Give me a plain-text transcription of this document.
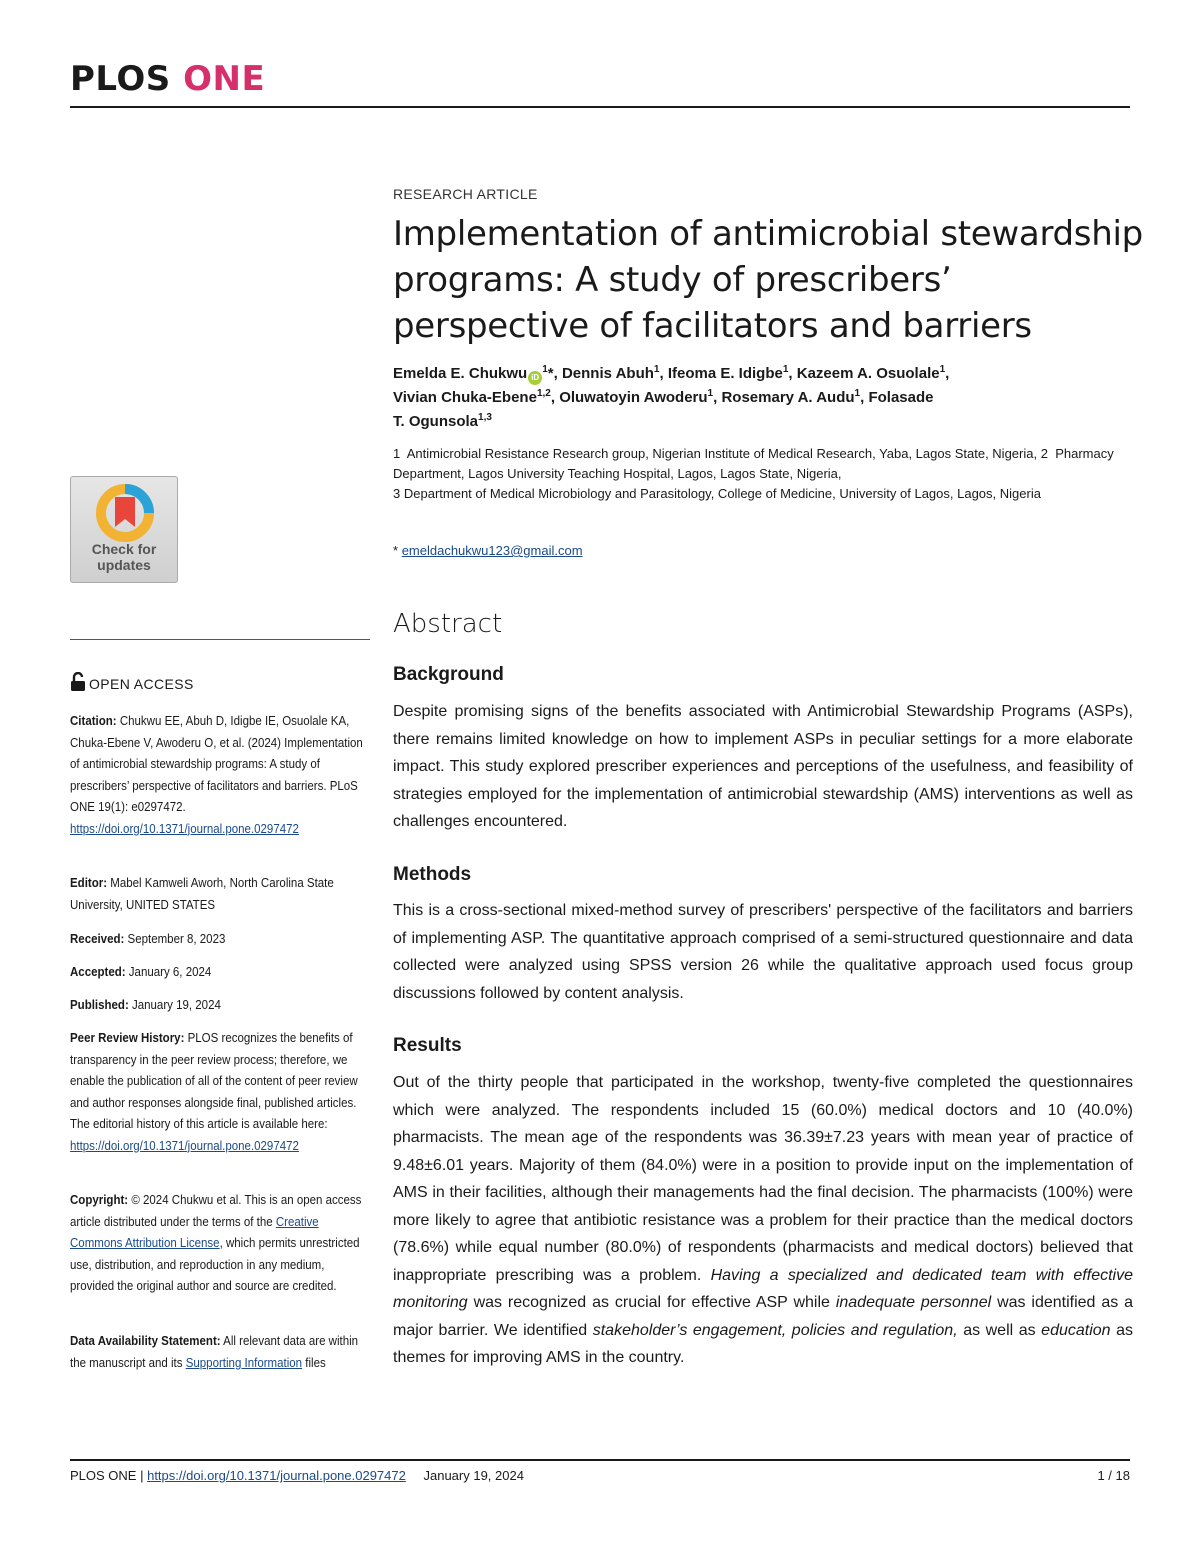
PLOS ONE
RESEARCH ARTICLE
Implementation of antimicrobial stewardship programs: A study of prescribers’ perspective of facilitators and barriers
Emelda E. Chukwu $iD^1*$, Dennis Abuh$^1$, Ifeoma E. Idigbe$^1$, Kazeem A. Osuolale$^1$,
Vivian Chuka-Ebene$^{1,2}$, Oluwatoyin Awoderu$^1$, Rosemary A. Audu$^1$, Folasade
T. Ogunsola$^{1,3}$
1 Antimicrobial Resistance Research group, Nigerian Institute of Medical Research, Yaba, Lagos State, Nigeria, 2 Pharmacy Department, Lagos University Teaching Hospital, Lagos, Lagos State, Nigeria,
3 Department of Medical Microbiology and Parasitology, College of Medicine, University of Lagos, Lagos, Nigeria
* emeldachukwu123@gmail.com
Abstract
Background

Despite promising signs of the benefits associated with Antimicrobial Stewardship Programs (ASPs), there remains limited knowledge on how to implement ASPs in peculiar settings for a more elaborate impact. This study explored prescriber experiences and perceptions of the usefulness, and feasibility of strategies employed for the implementation of antimicrobial stewardship (AMS) interventions as well as challenges encountered.

Methods

This is a cross-sectional mixed-method survey of prescribers' perspective of the facilitators and barriers of implementing ASP. The quantitative approach comprised of a semi-structured questionnaire and data collected were analyzed using SPSS version 26 while the qualitative approach used focus group discussions followed by content analysis.

Results

Out of the thirty people that participated in the workshop, twenty-five completed the questionnaires which were analyzed. The respondents included 15 (60.0%) medical doctors and 10 (40.0%) pharmacists. The mean age of the respondents was 36.39±7.23 years with mean year of practice of 9.48±6.01 years. Majority of them (84.0%) were in a position to provide input on the implementation of AMS in their facilities, although their managements had the final decision. The pharmacists (100%) were more likely to agree that antibiotic resistance was a problem for their practice than the medical doctors (78.6%) while equal number (80.0%) of respondents (pharmacists and medical doctors) believed that inappropriate prescribing was a problem. Having a specialized and dedicated team with effective monitoring was recognized as crucial for effective ASP while inadequate personnel was identified as a major barrier. We identified stakeholder’s engagement, policies and regulation, as well as education as themes for improving AMS in the country.

Check for updates
OPEN ACCESS
Citation: Chukwu EE, Abuh D, Idigbe IE, Osuolale KA, Chuka-Ebene V, Awoderu O, et al. (2024) Implementation of antimicrobial stewardship programs: A study of prescribers’ perspective of facilitators and barriers. PLoS ONE 19(1): e0297472. https://doi.org/10.1371/journal.pone.0297472
Editor: Mabel Kamweli Aworh, North Carolina State University, UNITED STATES
Received: September 8, 2023
Accepted: January 6, 2024
Published: January 19, 2024
Peer Review History: PLOS recognizes the benefits of transparency in the peer review process; therefore, we enable the publication of all of the content of peer review and author responses alongside final, published articles. The editorial history of this article is available here: https://doi.org/10.1371/journal.pone.0297472
Copyright: © 2024 Chukwu et al. This is an open access article distributed under the terms of the Creative Commons Attribution License, which permits unrestricted use, distribution, and reproduction in any medium, provided the original author and source are credited.
Data Availability Statement: All relevant data are within the manuscript and its Supporting Information files
PLOS ONE | https://doi.org/10.1371/journal.pone.0297472 January 19, 2024	1 / 18
